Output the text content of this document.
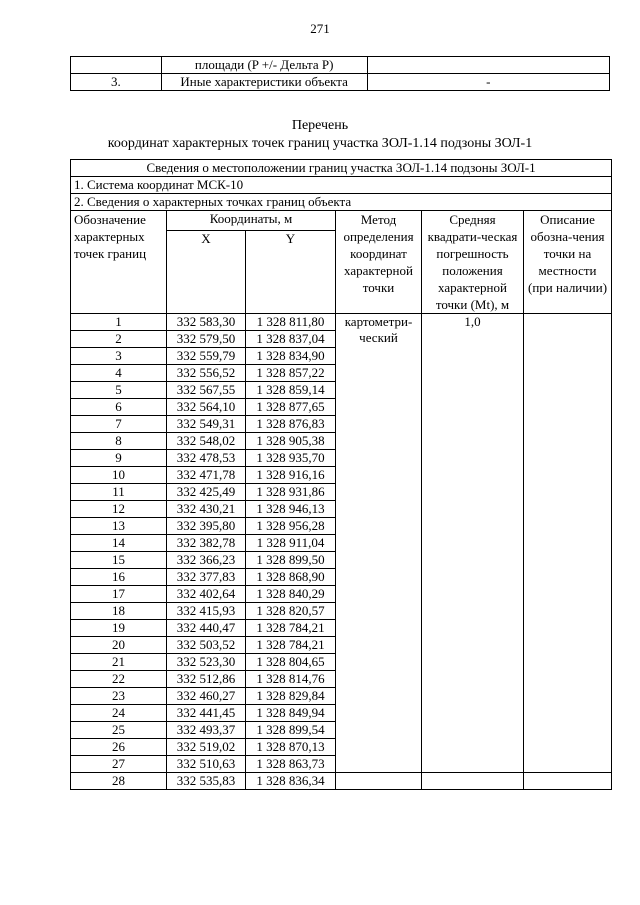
271
	площади (P +/- Дельта P)	
3.	Иные характеристики объекта	-
Перечень
координат характерных точек границ участка ЗОЛ-1.14 подзоны ЗОЛ-1
Сведения о местоположении границ участка ЗОЛ-1.14 подзоны ЗОЛ-1					
1. Система координат МСК-10					
2. Сведения о характерных точках границ объекта					
Обозначение характерных точек границ	Координаты, м		Метод определения координат характерной точки	Средняя квадрати-ческая погрешность положения характерной точки (Mt), м	Описание обозна-чения точки на местности (при наличии)
	X	Y			
1	332 583,30	1 328 811,80	картометри-ческий	1,0	
2	332 579,50	1 328 837,04			
3	332 559,79	1 328 834,90			
4	332 556,52	1 328 857,22			
5	332 567,55	1 328 859,14			
6	332 564,10	1 328 877,65			
7	332 549,31	1 328 876,83			
8	332 548,02	1 328 905,38			
9	332 478,53	1 328 935,70			
10	332 471,78	1 328 916,16			
11	332 425,49	1 328 931,86			
12	332 430,21	1 328 946,13			
13	332 395,80	1 328 956,28			
14	332 382,78	1 328 911,04			
15	332 366,23	1 328 899,50			
16	332 377,83	1 328 868,90			
17	332 402,64	1 328 840,29			
18	332 415,93	1 328 820,57			
19	332 440,47	1 328 784,21			
20	332 503,52	1 328 784,21			
21	332 523,30	1 328 804,65			
22	332 512,86	1 328 814,76			
23	332 460,27	1 328 829,84			
24	332 441,45	1 328 849,94			
25	332 493,37	1 328 899,54			
26	332 519,02	1 328 870,13			
27	332 510,63	1 328 863,73			
28	332 535,83	1 328 836,34			
